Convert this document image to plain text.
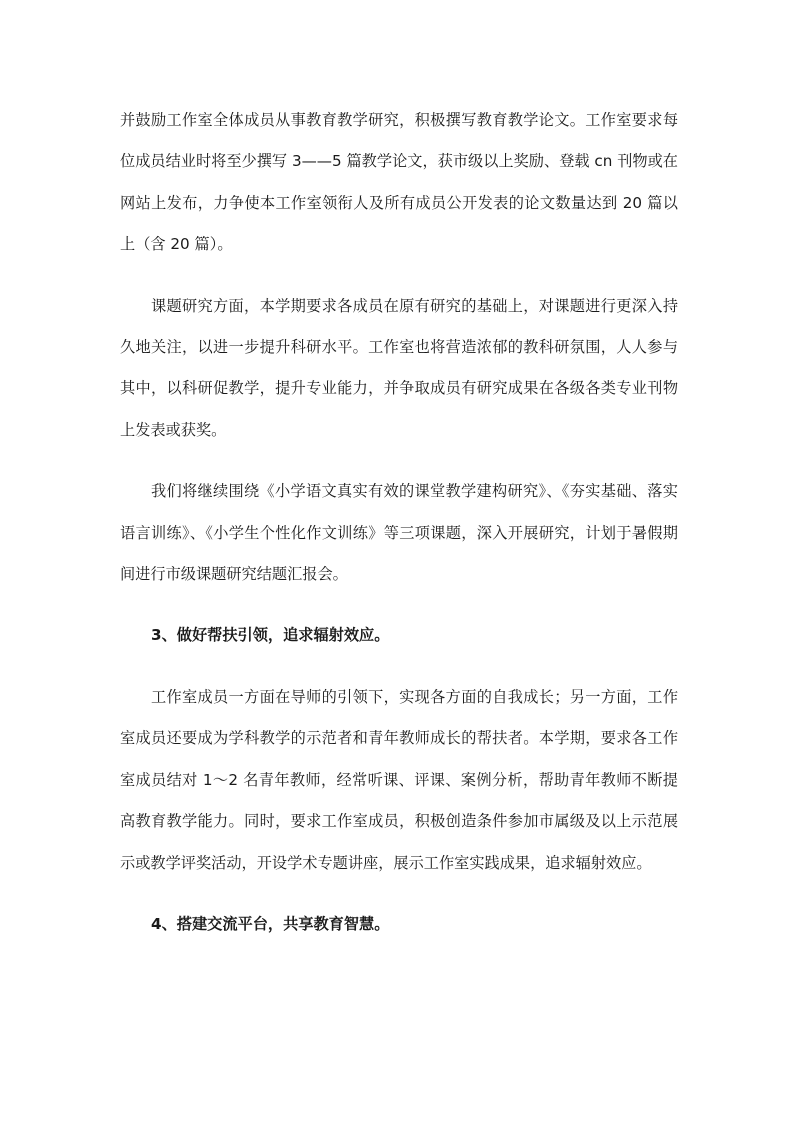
并鼓励工作室全体成员从事教育教学研究，积极撰写教育教学论文。工作室要求每位成员结业时将至少撰写 3——5 篇教学论文，获市级以上奖励、登载 cn 刊物或在网站上发布，力争使本工作室领衔人及所有成员公开发表的论文数量达到 20 篇以上（含 20 篇）。

课题研究方面，本学期要求各成员在原有研究的基础上，对课题进行更深入持久地关注，以进一步提升科研水平。工作室也将营造浓郁的教科研氛围，人人参与其中，以科研促教学，提升专业能力，并争取成员有研究成果在各级各类专业刊物上发表或获奖。

我们将继续围绕《小学语文真实有效的课堂教学建构研究》、《夯实基础、落实语言训练》、《小学生个性化作文训练》等三项课题，深入开展研究，计划于暑假期间进行市级课题研究结题汇报会。

3、做好帮扶引领，追求辐射效应。

工作室成员一方面在导师的引领下，实现各方面的自我成长；另一方面，工作室成员还要成为学科教学的示范者和青年教师成长的帮扶者。本学期，要求各工作室成员结对 1～2 名青年教师，经常听课、评课、案例分析，帮助青年教师不断提高教育教学能力。同时，要求工作室成员，积极创造条件参加市属级及以上示范展示或教学评奖活动，开设学术专题讲座，展示工作室实践成果，追求辐射效应。

4、搭建交流平台，共享教育智慧。
